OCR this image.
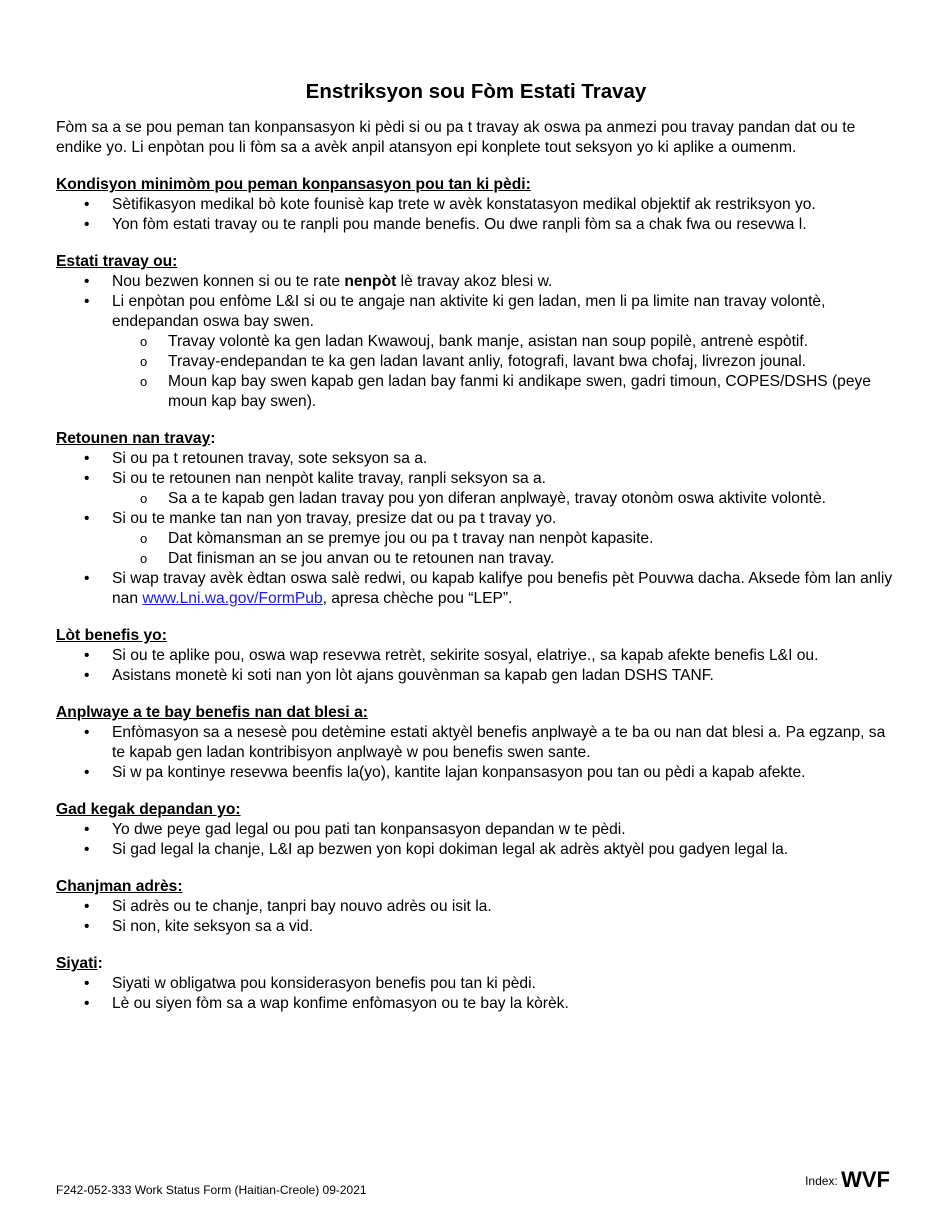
Enstriksyon sou Fòm Estati Travay
Fòm sa a se pou peman tan konpansasyon ki pèdi si ou pa t travay ak oswa pa anmezi pou travay pandan dat ou te endike yo. Li enpòtan pou li fòm sa a avèk anpil atansyon epi konplete tout seksyon yo ki aplike a oumenm.

Kondisyon minimòm pou peman konpansasyon pou tan ki pèdi:

• Sètifikasyon medikal bò kote founisè kap trete w avèk konstatasyon medikal objektif ak restriksyon yo.
• Yon fòm estati travay ou te ranpli pou mande benefis. Ou dwe ranpli fòm sa a chak fwa ou resevwa l.

Estati travay ou:

• Nou bezwen konnen si ou te rate nenpòt lè travay akoz blesi w.
• Li enpòtan pou enfòme L&I si ou te angaje nan aktivite ki gen ladan, men li pa limite nan travay volontè, endepandan oswa bay swen.
o Travay volontè ka gen ladan Kwawouj, bank manje, asistan nan soup popilè, antrenè espòtif.
o Travay-endepandan te ka gen ladan lavant anliy, fotografi, lavant bwa chofaj, livrezon jounal.
o Moun kap bay swen kapab gen ladan bay fanmi ki andikape swen, gadri timoun, COPES/DSHS (peye moun kap bay swen).

Retounen nan travay:

• Si ou pa t retounen travay, sote seksyon sa a.
• Si ou te retounen nan nenpòt kalite travay, ranpli seksyon sa a.
o Sa a te kapab gen ladan travay pou yon diferan anplwayè, travay otonòm oswa aktivite volontè.
• Si ou te manke tan nan yon travay, presize dat ou pa t travay yo.
o Dat kòmansman an se premye jou ou pa t travay nan nenpòt kapasite.
o Dat finisman an se jou anvan ou te retounen nan travay.
• Si wap travay avèk èdtan oswa salè redwi, ou kapab kalifye pou benefis pèt Pouvwa dacha. Aksede fòm lan anliy nan www.Lni.wa.gov/FormPub, apresa chèche pou “LEP”.

Lòt benefis yo:

• Si ou te aplike pou, oswa wap resevwa retrèt, sekirite sosyal, elatriye., sa kapab afekte benefis L&I ou.
• Asistans monetè ki soti nan yon lòt ajans gouvènman sa kapab gen ladan DSHS TANF.

Anplwaye a te bay benefis nan dat blesi a:

• Enfòmasyon sa a nesesè pou detèmine estati aktyèl benefis anplwayè a te ba ou nan dat blesi a. Pa egzanp, sa te kapab gen ladan kontribisyon anplwayè w pou benefis swen sante.
• Si w pa kontinye resevwa beenfis la(yo), kantite lajan konpansasyon pou tan ou pèdi a kapab afekte.

Gad kegak depandan yo:

• Yo dwe peye gad legal ou pou pati tan konpansasyon depandan w te pèdi.
• Si gad legal la chanje, L&I ap bezwen yon kopi dokiman legal ak adrès aktyèl pou gadyen legal la.

Chanjman adrès:

• Si adrès ou te chanje, tanpri bay nouvo adrès ou isit la.
• Si non, kite seksyon sa a vid.

Siyati:

• Siyati w obligatwa pou konsiderasyon benefis pou tan ki pèdi.
• Lè ou siyen fòm sa a wap konfime enfòmasyon ou te bay la kòrèk.
F242-052-333 Work Status Form (Haitian-Creole) 09-2021
Index: WVF
